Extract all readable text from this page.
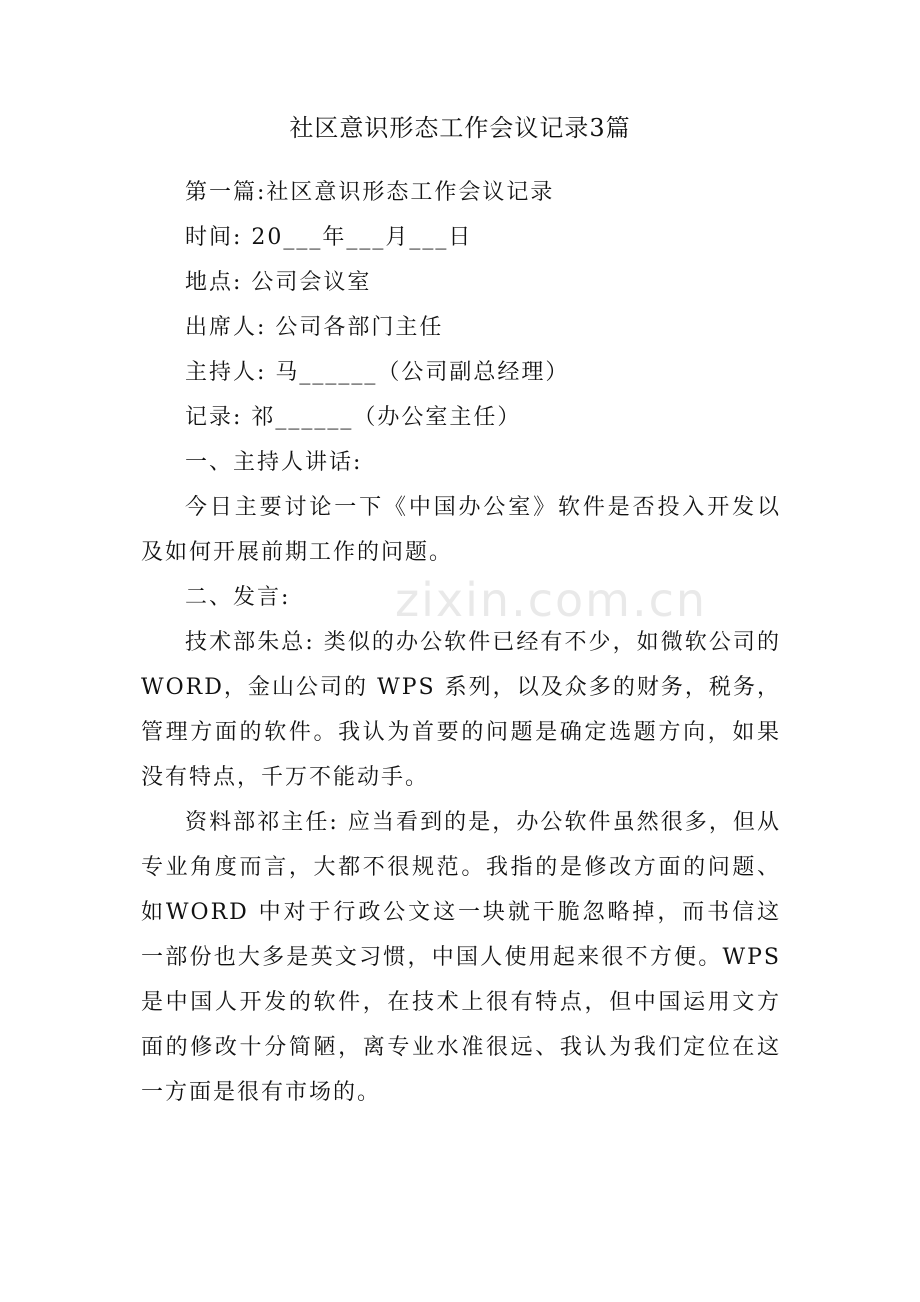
zixin.com.cn
社区意识形态工作会议记录3篇

第一篇:社区意识形态工作会议记录

时间: 20___年___月___日

地点: 公司会议室

出席人: 公司各部门主任

主持人: 马______（公司副总经理）

记录: 祁______（办公室主任）

一、主持人讲话:

今日主要讨论一下《中国办公室》软件是否投入开发以及如何开展前期工作的问题。

二、发言:

技术部朱总: 类似的办公软件已经有不少，如微软公司的WORD，金山公司的 WPS 系列，以及众多的财务，税务，管理方面的软件。我认为首要的问题是确定选题方向，如果没有特点，千万不能动手。

资料部祁主任: 应当看到的是，办公软件虽然很多，但从专业角度而言，大都不很规范。我指的是修改方面的问题、如WORD 中对于行政公文这一块就干脆忽略掉，而书信这一部份也大多是英文习惯，中国人使用起来很不方便。WPS 是中国人开发的软件，在技术上很有特点，但中国运用文方面的修改十分简陋，离专业水准很远、我认为我们定位在这一方面是很有市场的。
